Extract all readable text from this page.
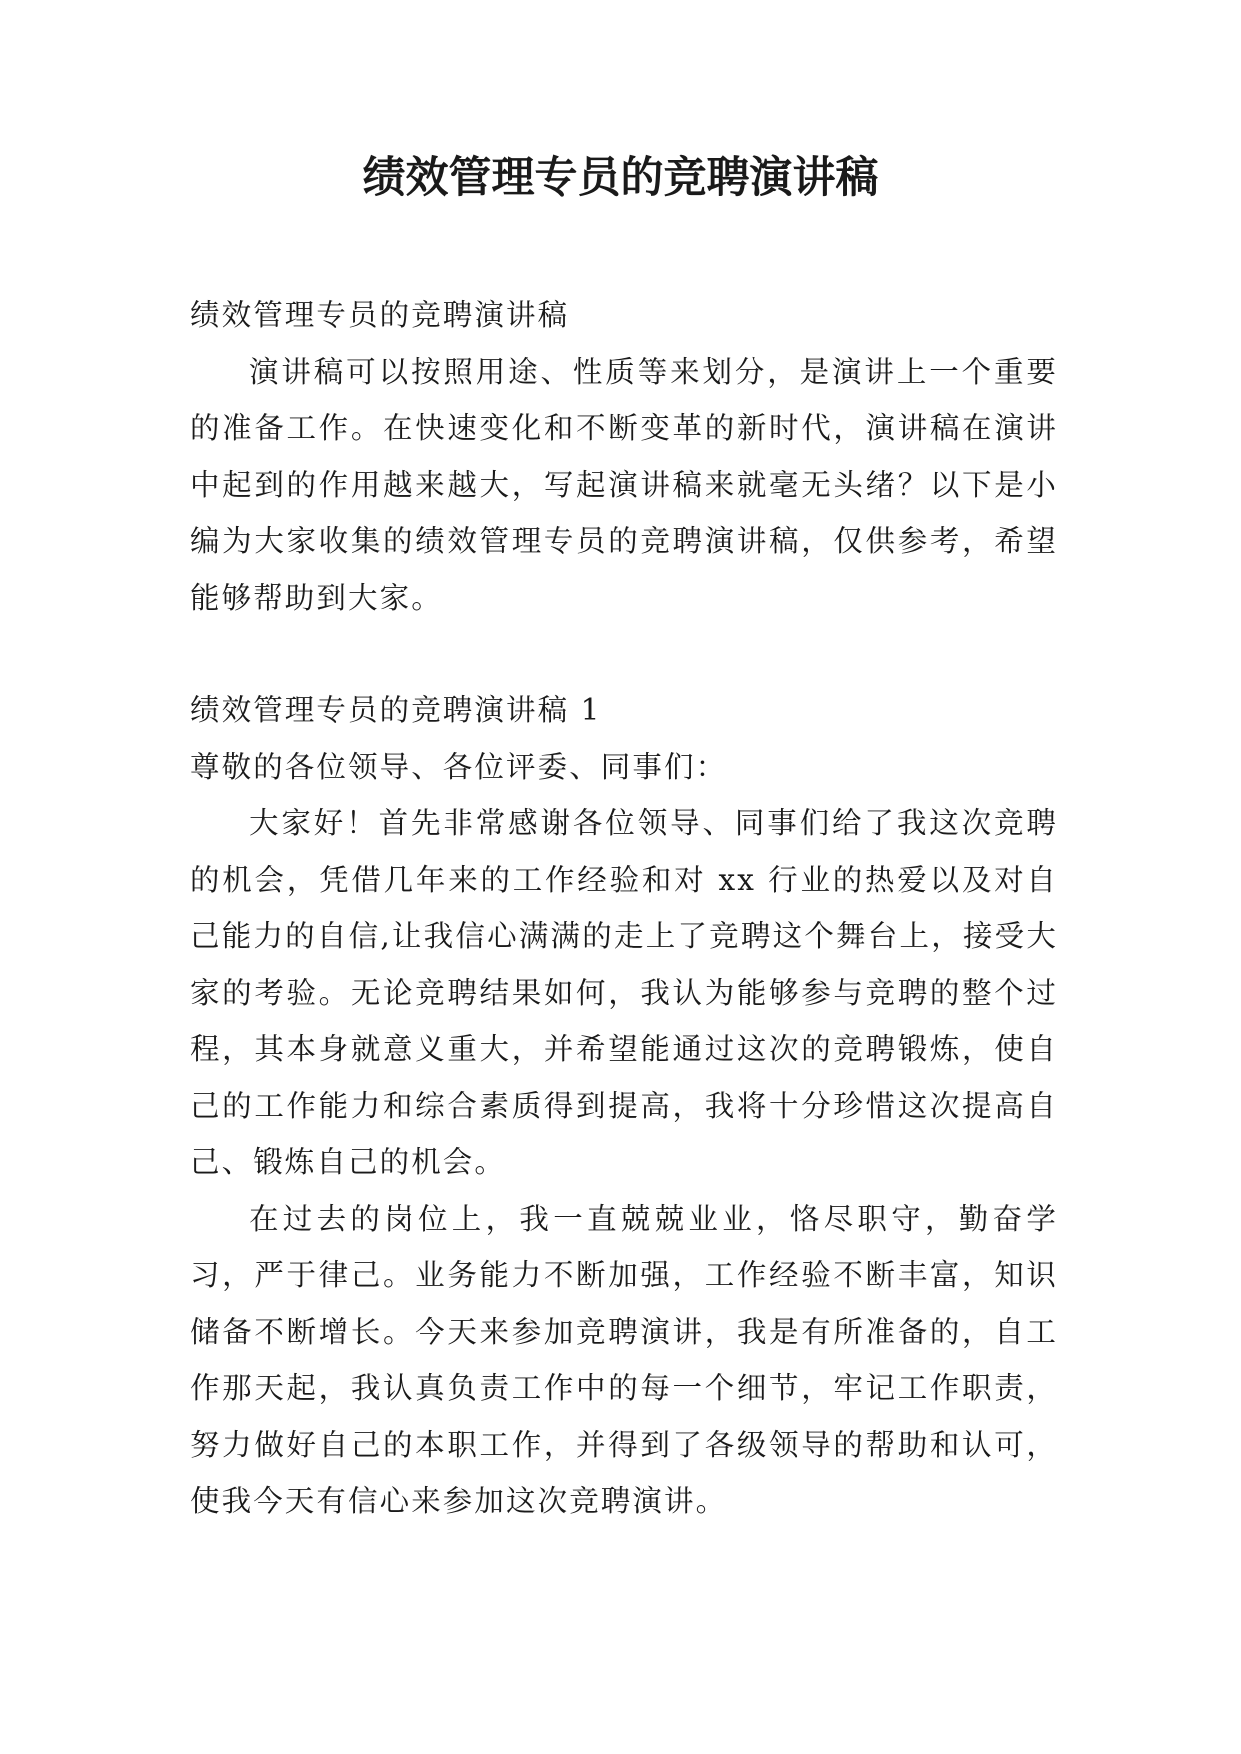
绩效管理专员的竞聘演讲稿

绩效管理专员的竞聘演讲稿

演讲稿可以按照用途、性质等来划分，是演讲上一个重要的准备工作。在快速变化和不断变革的新时代，演讲稿在演讲中起到的作用越来越大，写起演讲稿来就毫无头绪？以下是小编为大家收集的绩效管理专员的竞聘演讲稿，仅供参考，希望能够帮助到大家。

绩效管理专员的竞聘演讲稿 1

尊敬的各位领导、各位评委、同事们：

大家好！首先非常感谢各位领导、同事们给了我这次竞聘的机会，凭借几年来的工作经验和对 xx 行业的热爱以及对自己能力的自信,让我信心满满的走上了竞聘这个舞台上，接受大家的考验。无论竞聘结果如何，我认为能够参与竞聘的整个过程，其本身就意义重大，并希望能通过这次的竞聘锻炼，使自己的工作能力和综合素质得到提高，我将十分珍惜这次提高自己、锻炼自己的机会。

在过去的岗位上，我一直兢兢业业，恪尽职守，勤奋学习，严于律己。业务能力不断加强，工作经验不断丰富，知识储备不断增长。今天来参加竞聘演讲，我是有所准备的，自工作那天起，我认真负责工作中的每一个细节，牢记工作职责，努力做好自己的本职工作，并得到了各级领导的帮助和认可，使我今天有信心来参加这次竞聘演讲。
